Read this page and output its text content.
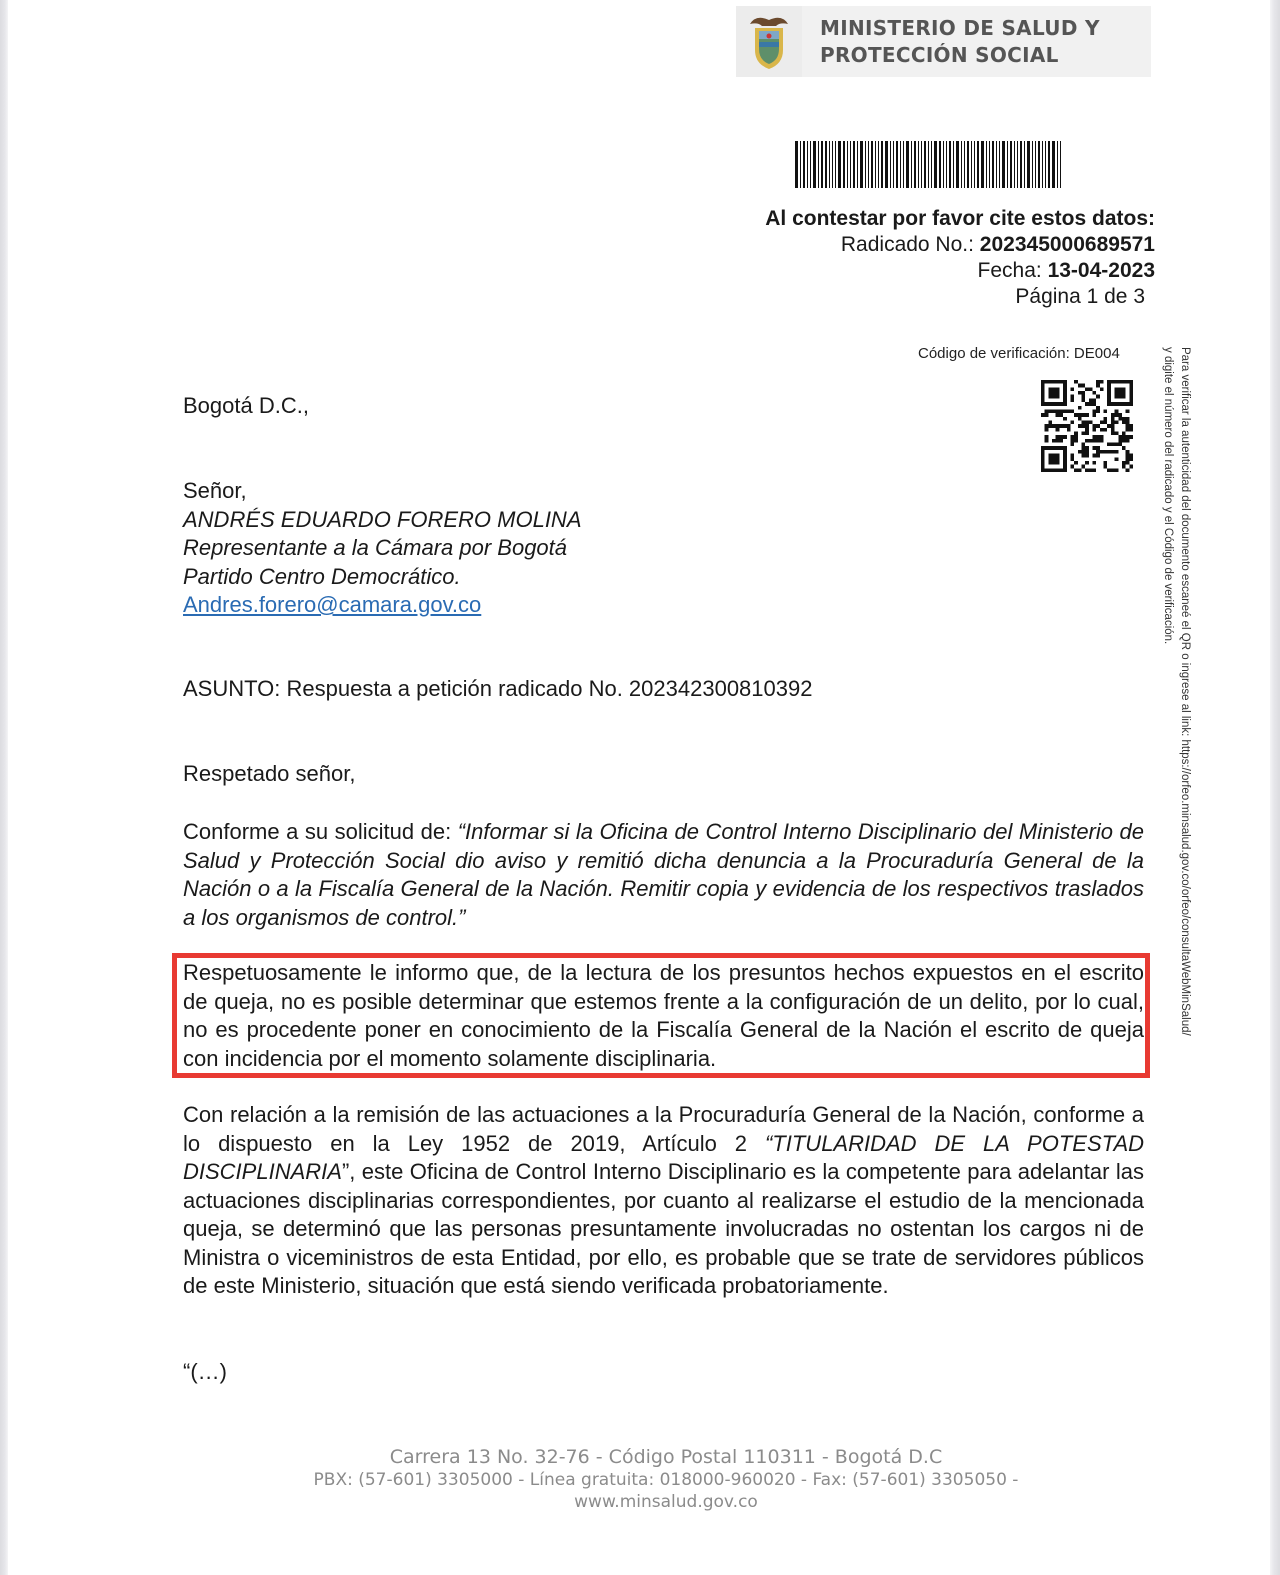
MINISTERIO DE SALUD Y
PROTECCIÓN SOCIAL
Al contestar por favor cite estos datos:
Radicado No.: 202345000689571
Fecha: 13-04-2023
Página 1 de 3
Código de verificación: DE004	Para verificar la autenticidad del documento escaneé el QR o ingrese al link: https://orfeo.minsalud.gov.co/orfeo/consultaWebMinSalud/
y digite el número del radicado y el Código de verificación.
Bogotá D.C.,
Señor,
ANDRÉS EDUARDO FORERO MOLINA
Representante a la Cámara por Bogotá
Partido Centro Democrático.
Andres.forero@camara.gov.co
ASUNTO: Respuesta a petición radicado No. 202342300810392
Respetado señor,
Conforme a su solicitud de: “Informar si la Oficina de Control Interno Disciplinario del Ministerio de Salud y Protección Social dio aviso y remitió dicha denuncia a la Procuraduría General de la Nación o a la Fiscalía General de la Nación. Remitir copia y evidencia de los respectivos traslados a los organismos de control.”
Respetuosamente le informo que, de la lectura de los presuntos hechos expuestos en el escrito de queja, no es posible determinar que estemos frente a la configuración de un delito, por lo cual, no es procedente poner en conocimiento de la Fiscalía General de la Nación el escrito de queja con incidencia por el momento solamente disciplinaria.
Con relación a la remisión de las actuaciones a la Procuraduría General de la Nación, conforme a lo dispuesto en la Ley 1952 de 2019, Artículo 2 “TITULARIDAD DE LA POTESTAD DISCIPLINARIA”, este Oficina de Control Interno Disciplinario es la competente para adelantar las actuaciones disciplinarias correspondientes, por cuanto al realizarse el estudio de la mencionada queja, se determinó que las personas presuntamente involucradas no ostentan los cargos ni de Ministra o viceministros de esta Entidad, por ello, es probable que se trate de servidores públicos de este Ministerio, situación que está siendo verificada probatoriamente.
“(…)
Carrera 13 No. 32-76 - Código Postal 110311 - Bogotá D.C
PBX: (57-601) 3305000 - Línea gratuita: 018000-960020 - Fax: (57-601) 3305050 -
www.minsalud.gov.co
